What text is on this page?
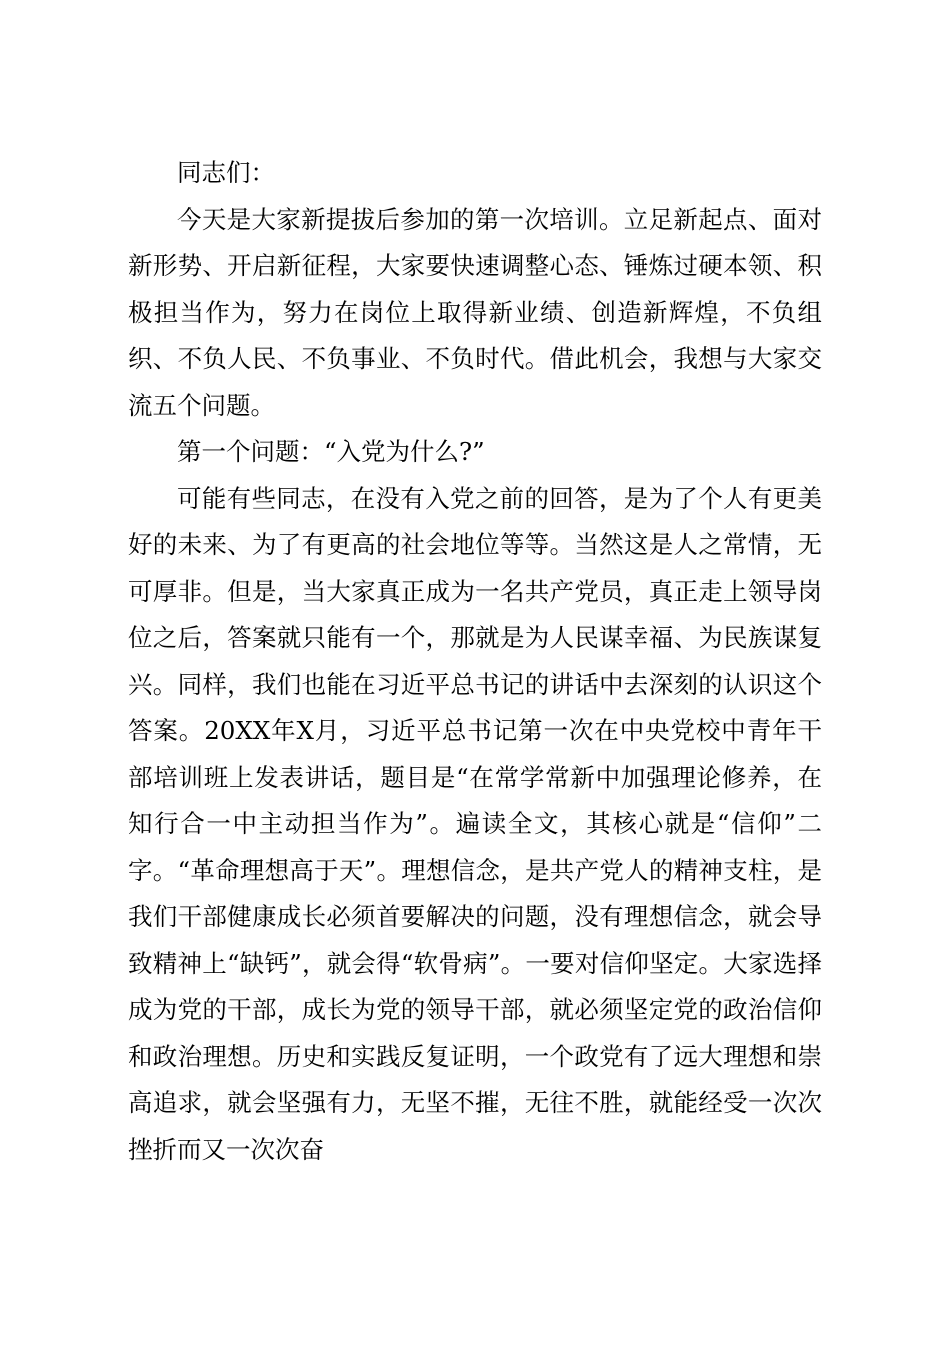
同志们：

今天是大家新提拔后参加的第一次培训。立足新起点、面对新形势、开启新征程，大家要快速调整心态、锤炼过硬本领、积极担当作为，努力在岗位上取得新业绩、创造新辉煌，不负组织、不负人民、不负事业、不负时代。借此机会，我想与大家交流五个问题。

第一个问题：“入党为什么?”

可能有些同志，在没有入党之前的回答，是为了个人有更美好的未来、为了有更高的社会地位等等。当然这是人之常情，无可厚非。但是，当大家真正成为一名共产党员，真正走上领导岗位之后，答案就只能有一个，那就是为人民谋幸福、为民族谋复兴。同样，我们也能在习近平总书记的讲话中去深刻的认识这个答案。20XX年X月，习近平总书记第一次在中央党校中青年干部培训班上发表讲话，题目是“在常学常新中加强理论修养，在知行合一中主动担当作为”。遍读全文，其核心就是“信仰”二字。“革命理想高于天”。理想信念，是共产党人的精神支柱，是我们干部健康成长必须首要解决的问题，没有理想信念，就会导致精神上“缺钙”，就会得“软骨病”。一要对信仰坚定。大家选择成为党的干部，成长为党的领导干部，就必须坚定党的政治信仰和政治理想。历史和实践反复证明，一个政党有了远大理想和崇高追求，就会坚强有力，无坚不摧，无往不胜，就能经受一次次挫折而又一次次奋
